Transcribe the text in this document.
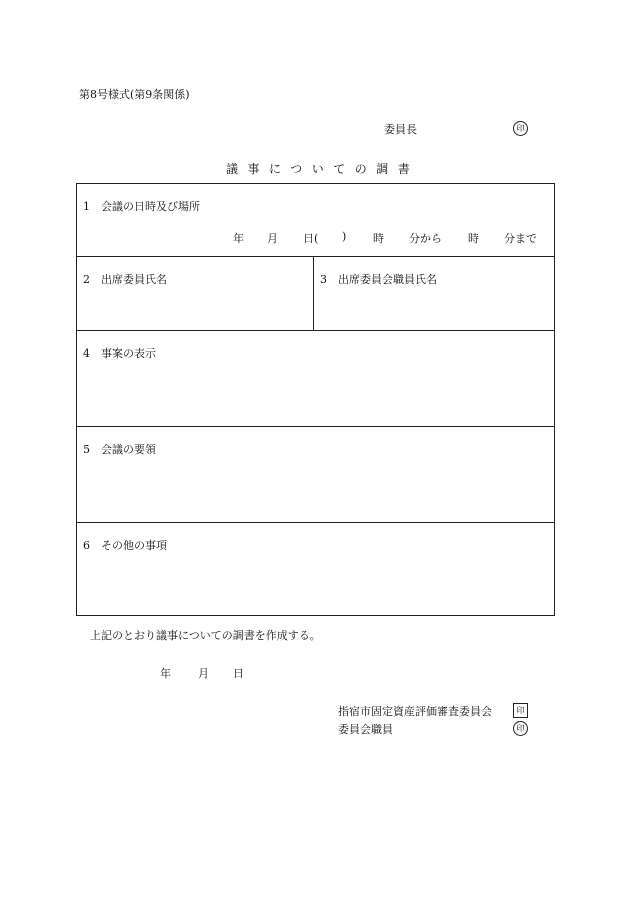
第8号様式(第9条関係)
委員長	印
議事についての調書
1　会議の日時及び場所
年 月 日( ) 時 分から 時 分まで
2　出席委員氏名	3　出席委員会職員氏名
4　事案の表示
5　会議の要領
6　その他の事項
上記のとおり議事についての調書を作成する。
年 月 日
指宿市固定資産評価審査委員会	印
委員会職員	印
